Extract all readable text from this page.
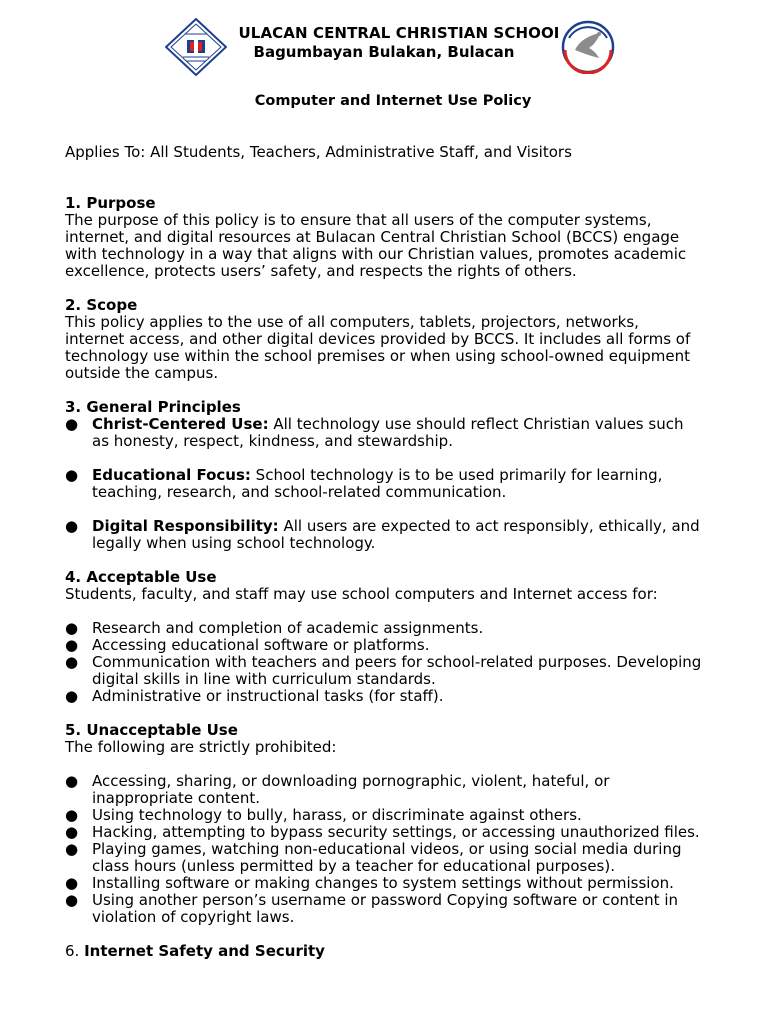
ULACAN CENTRAL CHRISTIAN SCHOOI
Bagumbayan Bulakan, Bulacan
Computer and Internet Use Policy

Applies To: All Students, Teachers, Administrative Staff, and Visitors

1. Purpose

The purpose of this policy is to ensure that all users of the computer systems,

internet, and digital resources at Bulacan Central Christian School (BCCS) engage

with technology in a way that aligns with our Christian values, promotes academic

excellence, protects users’ safety, and respects the rights of others.

2. Scope

This policy applies to the use of all computers, tablets, projectors, networks,

internet access, and other digital devices provided by BCCS. It includes all forms of

technology use within the school premises or when using school-owned equipment

outside the campus.

3. General Principles

● Christ-Centered Use: All technology use should reflect Christian values such
as honesty, respect, kindness, and stewardship.
● Educational Focus: School technology is to be used primarily for learning,
teaching, research, and school-related communication.
● Digital Responsibility: All users are expected to act responsibly, ethically, and
legally when using school technology.

4. Acceptable Use

Students, faculty, and staff may use school computers and Internet access for:

● Research and completion of academic assignments.
● Accessing educational software or platforms.
● Communication with teachers and peers for school-related purposes. Developing
digital skills in line with curriculum standards.
● Administrative or instructional tasks (for staff).

5. Unacceptable Use

The following are strictly prohibited:

● Accessing, sharing, or downloading pornographic, violent, hateful, or
inappropriate content.
● Using technology to bully, harass, or discriminate against others.
● Hacking, attempting to bypass security settings, or accessing unauthorized files.
● Playing games, watching non-educational videos, or using social media during
class hours (unless permitted by a teacher for educational purposes).
● Installing software or making changes to system settings without permission.
● Using another person’s username or password Copying software or content in
violation of copyright laws.

6. Internet Safety and Security
